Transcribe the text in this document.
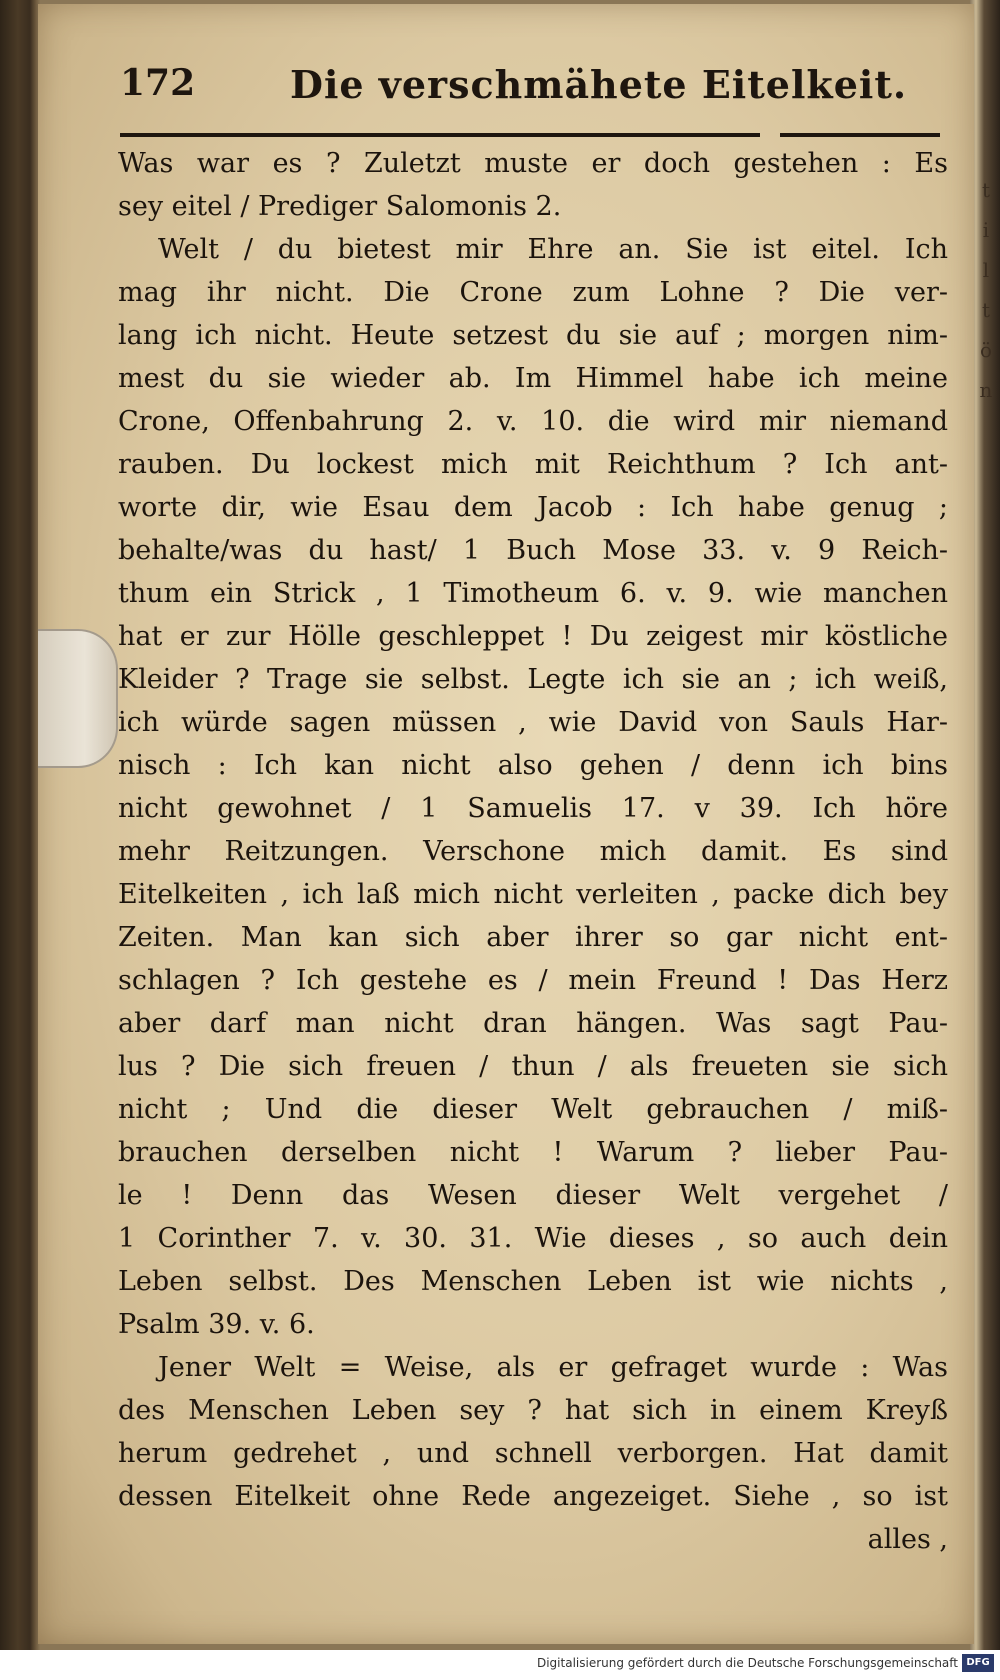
t
i
l
t
ö
n
172 Die verschmähete Eitelkeit.
Was war es ? Zuletzt muste er doch gestehen : Es
sey eitel / Prediger Salomonis 2.
Welt / du bietest mir Ehre an. Sie ist eitel. Ich
mag ihr nicht. Die Crone zum Lohne ? Die ver-
lang ich nicht. Heute setzest du sie auf ; morgen nim-
mest du sie wieder ab. Im Himmel habe ich meine
Crone, Offenbahrung 2. v. 10. die wird mir niemand
rauben. Du lockest mich mit Reichthum ? Ich ant-
worte dir, wie Esau dem Jacob : Ich habe genug ;
behalte/was du hast/ 1 Buch Mose 33. v. 9 Reich-
thum ein Strick , 1 Timotheum 6. v. 9. wie manchen
hat er zur Hölle geschleppet ! Du zeigest mir köstliche
Kleider ? Trage sie selbst. Legte ich sie an ; ich weiß,
ich würde sagen müssen , wie David von Sauls Har-
nisch : Ich kan nicht also gehen / denn ich bins
nicht gewohnet / 1 Samuelis 17. v 39. Ich höre
mehr Reitzungen. Verschone mich damit. Es sind
Eitelkeiten , ich laß mich nicht verleiten , packe dich bey
Zeiten. Man kan sich aber ihrer so gar nicht ent-
schlagen ? Ich gestehe es / mein Freund ! Das Herz
aber darf man nicht dran hängen. Was sagt Pau-
lus ? Die sich freuen / thun / als freueten sie sich
nicht ; Und die dieser Welt gebrauchen / miß-
brauchen derselben nicht ! Warum ? lieber Pau-
le ! Denn das Wesen dieser Welt vergehet /
1 Corinther 7. v. 30. 31. Wie dieses , so auch dein
Leben selbst. Des Menschen Leben ist wie nichts ,
Psalm 39. v. 6.
Jener Welt = Weise, als er gefraget wurde : Was
des Menschen Leben sey ? hat sich in einem Kreyß
herum gedrehet , und schnell verborgen. Hat damit
dessen Eitelkeit ohne Rede angezeiget. Siehe , so ist
alles ,
Digitalisierung gefördert durch die Deutsche Forschungsgemeinschaft DFG
